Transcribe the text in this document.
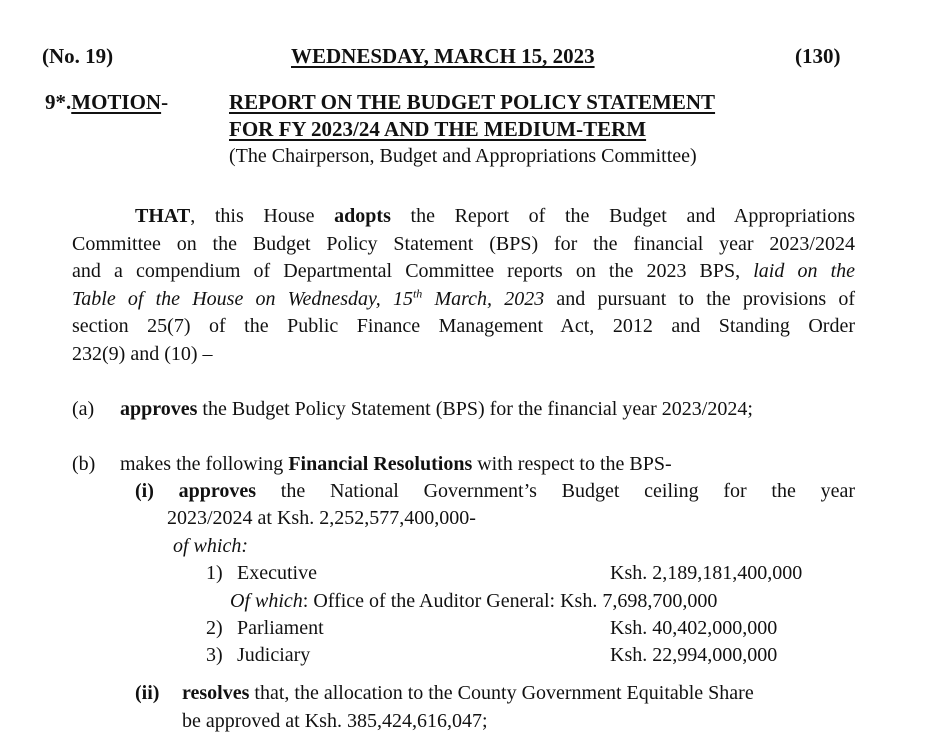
(No. 19)	WEDNESDAY, MARCH 15, 2023	(130)
9*.MOTION-	REPORT ON THE BUDGET POLICY STATEMENT
FOR FY 2023/24 AND THE MEDIUM-TERM
(The Chairperson, Budget and Appropriations Committee)
THAT, this House adopts the Report of the Budget and Appropriations
Committee on the Budget Policy Statement (BPS) for the financial year 2023/2024
and a compendium of Departmental Committee reports on the 2023 BPS, laid on the
Table of the House on Wednesday, 15th March, 2023 and pursuant to the provisions of
section 25(7) of the Public Finance Management Act, 2012 and Standing Order
232(9) and (10) –
(a) approves the Budget Policy Statement (BPS) for the financial year 2023/2024;
(b) makes the following Financial Resolutions with respect to the BPS-
(i) approves the National Government’s Budget ceiling for the year
2023/2024 at Ksh. 2,252,577,400,000-
of which:
1) Executive	Ksh. 2,189,181,400,000
Of which: Office of the Auditor General: Ksh. 7,698,700,000
2) Parliament	Ksh. 40,402,000,000
3) Judiciary	Ksh. 22,994,000,000
(ii) resolves that, the allocation to the County Government Equitable Share
be approved at Ksh. 385,424,616,047;
